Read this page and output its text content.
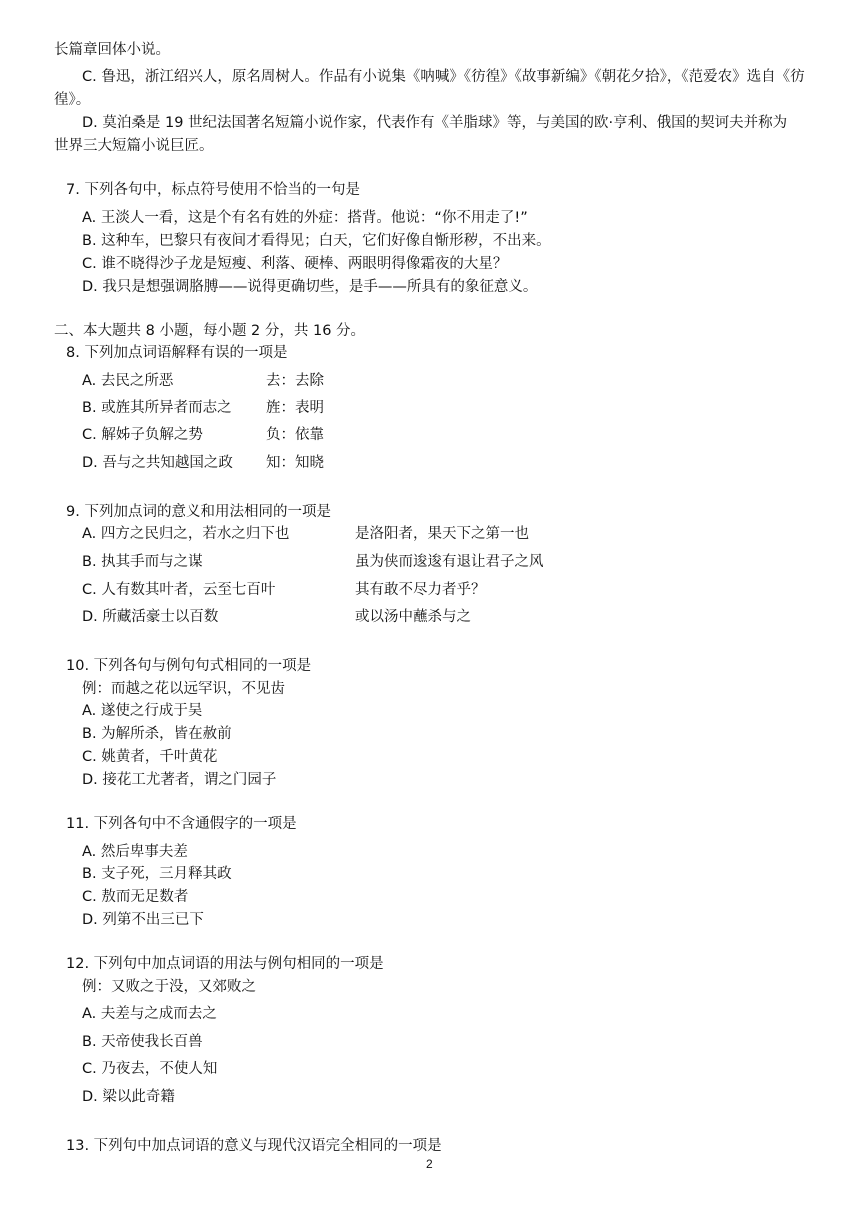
长篇章回体小说。
C. 鲁迅，浙江绍兴人，原名周树人。作品有小说集《呐喊》《彷徨》《故事新编》《朝花夕拾》，《范爱农》选自《彷
徨》。
D. 莫泊桑是 19 世纪法国著名短篇小说作家，代表作有《羊脂球》等，与美国的欧·亨利、俄国的契诃夫并称为
世界三大短篇小说巨匠。
7. 下列各句中，标点符号使用不恰当的一句是
A. 王淡人一看，这是个有名有姓的外症：搭背。他说：“你不用走了!”
B. 这种车，巴黎只有夜间才看得见；白天，它们好像自惭形秽，不出来。
C. 谁不晓得沙子龙是短瘦、利落、硬棒、两眼明得像霜夜的大星？
D. 我只是想强调胳膊——说得更确切些，是手——所具有的象征意义。
二、本大题共 8 小题，每小题 2 分，共 16 分。
8. 下列加点词语解释有误的一项是
A. 去民之所恶	去：去除
B. 或旌其所异者而志之 旌：表明
C. 解姊子负解之势	负：依靠
D. 吾与之共知越国之政 知：知晓
9. 下列加点词的意义和用法相同的一项是
A. 四方之民归之，若水之归下也	是洛阳者，果天下之第一也
B. 执其手而与之谋	虽为侠而逡逡有退让君子之风
C. 人有数其叶者，云至七百叶	其有敢不尽力者乎？
D. 所藏活豪士以百数	或以汤中蘸杀与之
10. 下列各句与例句句式相同的一项是
例：而越之花以远罕识，不见齿
A. 遂使之行成于吴
B. 为解所杀，皆在赦前
C. 姚黄者，千叶黄花
D. 接花工尤著者，谓之门园子
11. 下列各句中不含通假字的一项是
A. 然后卑事夫差
B. 支子死，三月释其政
C. 敖而无足数者
D. 列第不出三已下
12. 下列句中加点词语的用法与例句相同的一项是
例：又败之于没，又郊败之
A. 夫差与之成而去之
B. 天帝使我长百兽
C. 乃夜去，不使人知
D. 梁以此奇籍
13. 下列句中加点词语的意义与现代汉语完全相同的一项是
2
